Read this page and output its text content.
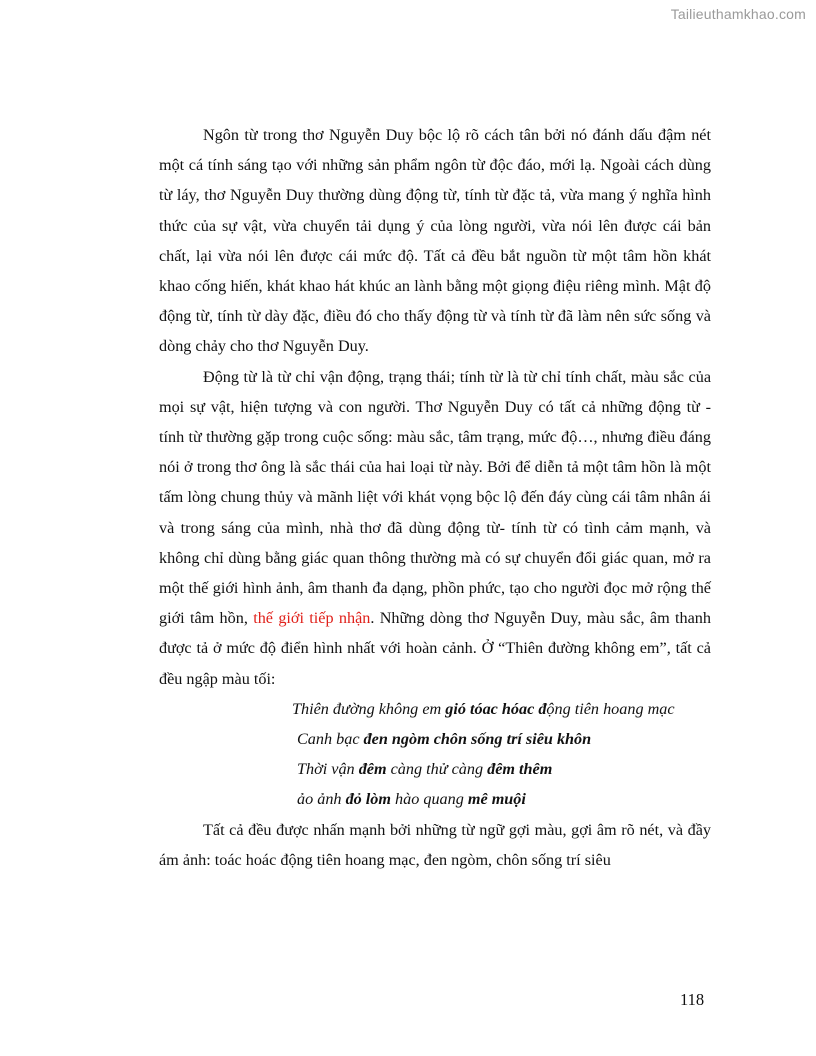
Tailieuthamkhao.com

Ngôn từ trong thơ Nguyễn Duy bộc lộ rõ cách tân bởi nó đánh dấu đậm nét một cá tính sáng tạo với những sản phẩm ngôn từ độc đáo, mới lạ. Ngoài cách dùng từ láy, thơ Nguyễn Duy thường dùng động từ, tính từ đặc tả, vừa mang ý nghĩa hình thức của sự vật, vừa chuyển tải dụng ý của lòng người, vừa nói lên được cái bản chất, lại vừa nói lên được cái mức độ. Tất cả đều bắt nguồn từ một tâm hồn khát khao cống hiến, khát khao hát khúc an lành bằng một giọng điệu riêng mình. Mật độ động từ, tính từ dày đặc, điều đó cho thấy động từ và tính từ đã làm nên sức sống và dòng chảy cho thơ Nguyễn Duy.

Động từ là từ chỉ vận động, trạng thái; tính từ là từ chỉ tính chất, màu sắc của mọi sự vật, hiện tượng và con người. Thơ Nguyễn Duy có tất cả những động từ - tính từ thường gặp trong cuộc sống: màu sắc, tâm trạng, mức độ…, nhưng điều đáng nói ở trong thơ ông là sắc thái của hai loại từ này. Bởi để diễn tả một tâm hồn là một tấm lòng chung thủy và mãnh liệt với khát vọng bộc lộ đến đáy cùng cái tâm nhân ái và trong sáng của mình, nhà thơ đã dùng động từ- tính từ có tình cảm mạnh, và không chỉ dùng bằng giác quan thông thường mà có sự chuyển đổi giác quan, mở ra một thế giới hình ảnh, âm thanh đa dạng, phồn phức, tạo cho người đọc mở rộng thế giới tâm hồn, thế giới tiếp nhận. Những dòng thơ Nguyễn Duy, màu sắc, âm thanh được tả ở mức độ điển hình nhất với hoàn cảnh. Ở “Thiên đường không em”, tất cả đều ngập màu tối:

Thiên đường không em gió tóac hóac động tiên hoang mạc
Canh bạc đen ngòm chôn sống trí siêu khôn
Thời vận đêm càng thử càng đêm thêm
ảo ảnh đỏ lòm hào quang mê muội

Tất cả đều được nhấn mạnh bởi những từ ngữ gợi màu, gợi âm rõ nét, và đầy ám ảnh: toác hoác động tiên hoang mạc, đen ngòm, chôn sống trí siêu

118
